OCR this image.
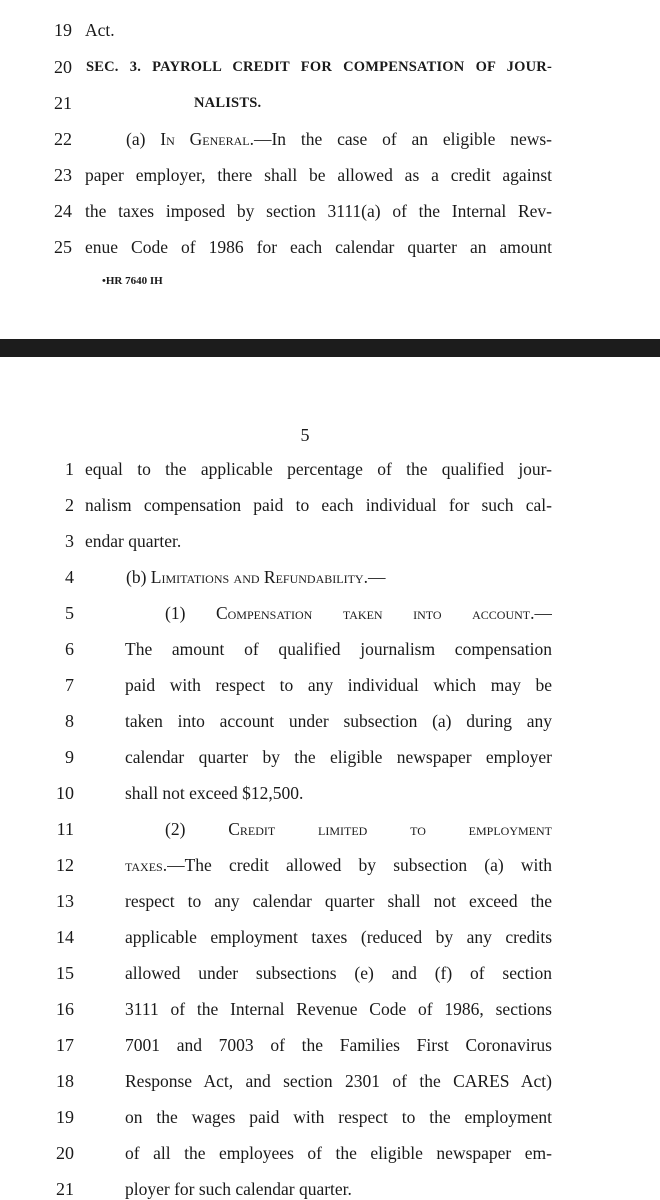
19 Act.
20 SEC. 3. PAYROLL CREDIT FOR COMPENSATION OF JOUR-
21	NALISTS.
22	(a) In General.—In the case of an eligible news-
23 paper employer, there shall be allowed as a credit against
24 the taxes imposed by section 3111(a) of the Internal Rev-
25 enue Code of 1986 for each calendar quarter an amount
•HR 7640 IH
5
1 equal to the applicable percentage of the qualified jour-
2 nalism compensation paid to each individual for such cal-
3 endar quarter.
4	(b) Limitations and Refundability.—
5	(1) Compensation taken into account.—
6	The amount of qualified journalism compensation
7	paid with respect to any individual which may be
8	taken into account under subsection (a) during any
9	calendar quarter by the eligible newspaper employer
10	shall not exceed $12,500.
11	(2) Credit limited to employment
12	taxes.—The credit allowed by subsection (a) with
13	respect to any calendar quarter shall not exceed the
14	applicable employment taxes (reduced by any credits
15	allowed under subsections (e) and (f) of section
16	3111 of the Internal Revenue Code of 1986, sections
17	7001 and 7003 of the Families First Coronavirus
18	Response Act, and section 2301 of the CARES Act)
19	on the wages paid with respect to the employment
20	of all the employees of the eligible newspaper em-
21	ployer for such calendar quarter.
